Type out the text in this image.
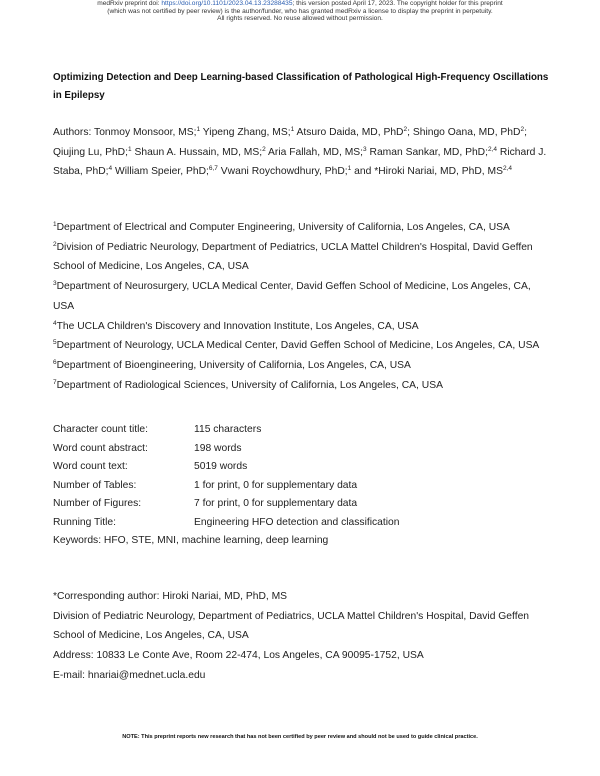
medRxiv preprint doi: https://doi.org/10.1101/2023.04.13.23288435; this version posted April 17, 2023. The copyright holder for this preprint
(which was not certified by peer review) is the author/funder, who has granted medRxiv a license to display the preprint in perpetuity.
All rights reserved. No reuse allowed without permission.
Optimizing Detection and Deep Learning-based Classification of Pathological High-Frequency Oscillations in Epilepsy
Authors: Tonmoy Monsoor, MS;$^1$ Yipeng Zhang, MS;$^1$ Atsuro Daida, MD, PhD$^2$; Shingo Oana, MD, PhD$^2$; Qiujing Lu, PhD;$^1$ Shaun A. Hussain, MD, MS;$^2$ Aria Fallah, MD, MS;$^3$ Raman Sankar, MD, PhD;$^{2,4}$ Richard J. Staba, PhD;$^4$ William Speier, PhD;$^{6,7}$ Vwani Roychowdhury, PhD;$^1$ and *Hiroki Nariai, MD, PhD, MS$^{2,4}$
$^1$Department of Electrical and Computer Engineering, University of California, Los Angeles, CA, USA
$^2$Division of Pediatric Neurology, Department of Pediatrics, UCLA Mattel Children's Hospital, David Geffen School of Medicine, Los Angeles, CA, USA
$^3$Department of Neurosurgery, UCLA Medical Center, David Geffen School of Medicine, Los Angeles, CA, USA
$^4$The UCLA Children's Discovery and Innovation Institute, Los Angeles, CA, USA
$^5$Department of Neurology, UCLA Medical Center, David Geffen School of Medicine, Los Angeles, CA, USA
$^6$Department of Bioengineering, University of California, Los Angeles, CA, USA
$^7$Department of Radiological Sciences, University of California, Los Angeles, CA, USA
Character count title:	115 characters
Word count abstract:	198 words
Word count text:	5019 words
Number of Tables:	1 for print, 0 for supplementary data
Number of Figures:	7 for print, 0 for supplementary data
Running Title:	Engineering HFO detection and classification
Keywords: HFO, STE, MNI, machine learning, deep learning
*Corresponding author: Hiroki Nariai, MD, PhD, MS
Division of Pediatric Neurology, Department of Pediatrics, UCLA Mattel Children's Hospital, David Geffen School of Medicine, Los Angeles, CA, USA
Address: 10833 Le Conte Ave, Room 22-474, Los Angeles, CA 90095-1752, USA
E-mail: hnariai@mednet.ucla.edu
NOTE: This preprint reports new research that has not been certified by peer review and should not be used to guide clinical practice.
